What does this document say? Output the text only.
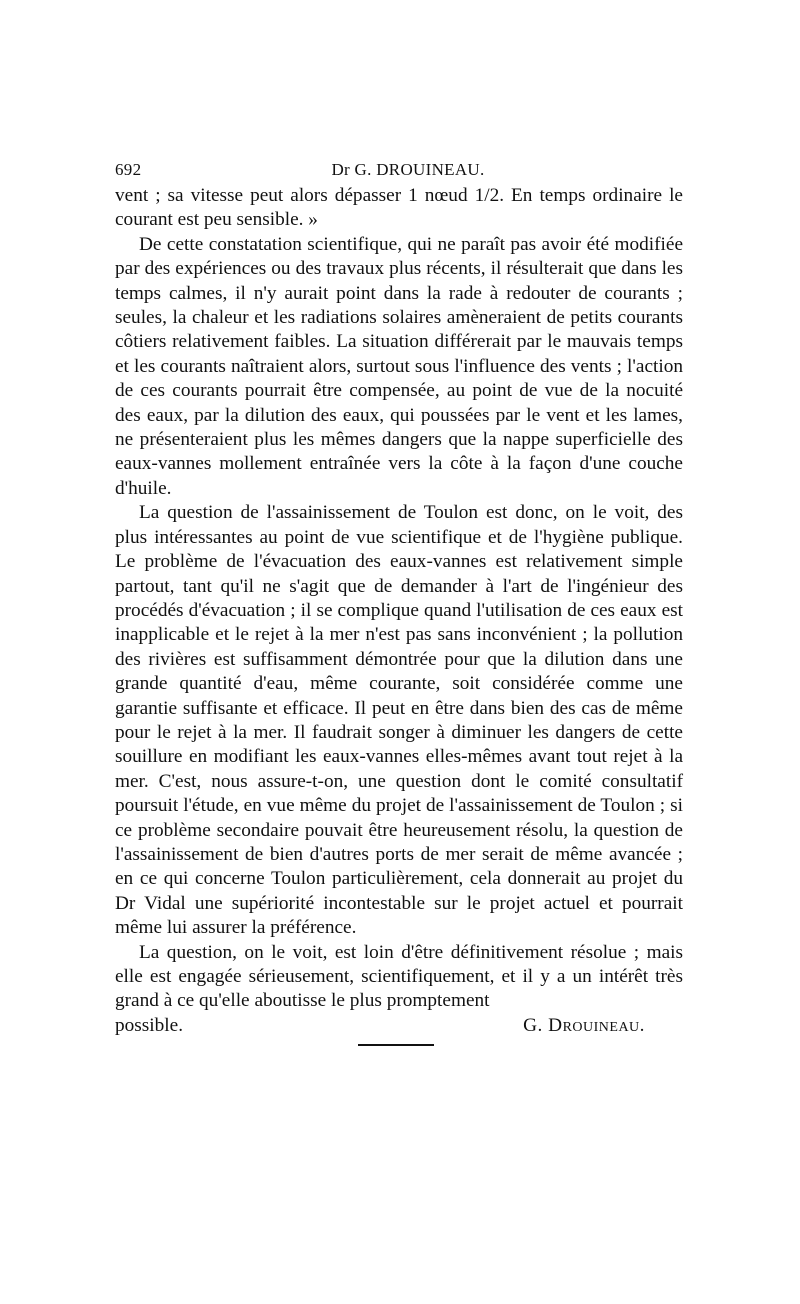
692	Dr G. DROUINEAU.

vent ; sa vitesse peut alors dépasser 1 nœud 1/2. En temps ordinaire le courant est peu sensible. »

De cette constatation scientifique, qui ne paraît pas avoir été modifiée par des expériences ou des travaux plus récents, il résulterait que dans les temps calmes, il n'y aurait point dans la rade à redouter de courants ; seules, la chaleur et les radiations solaires amèneraient de petits courants côtiers relativement faibles. La situation différerait par le mauvais temps et les courants naîtraient alors, surtout sous l'influence des vents ; l'action de ces courants pourrait être compensée, au point de vue de la nocuité des eaux, par la dilution des eaux, qui poussées par le vent et les lames, ne présenteraient plus les mêmes dangers que la nappe superficielle des eaux-vannes mollement entraînée vers la côte à la façon d'une couche d'huile.

La question de l'assainissement de Toulon est donc, on le voit, des plus intéressantes au point de vue scientifique et de l'hygiène publique. Le problème de l'évacuation des eaux-vannes est relativement simple partout, tant qu'il ne s'agit que de demander à l'art de l'ingénieur des procédés d'évacuation ; il se complique quand l'utilisation de ces eaux est inapplicable et le rejet à la mer n'est pas sans inconvénient ; la pollution des rivières est suffisamment démontrée pour que la dilution dans une grande quantité d'eau, même courante, soit considérée comme une garantie suffisante et efficace. Il peut en être dans bien des cas de même pour le rejet à la mer. Il faudrait songer à diminuer les dangers de cette souillure en modifiant les eaux-vannes elles-mêmes avant tout rejet à la mer. C'est, nous assure-t-on, une question dont le comité consultatif poursuit l'étude, en vue même du projet de l'assainissement de Toulon ; si ce problème secondaire pouvait être heureusement résolu, la question de l'assainissement de bien d'autres ports de mer serait de même avancée ; en ce qui concerne Toulon particulièrement, cela donnerait au projet du Dr Vidal une supériorité incontestable sur le projet actuel et pourrait même lui assurer la préférence.

La question, on le voit, est loin d'être définitivement résolue ; mais elle est engagée sérieusement, scientifiquement, et il y a un intérêt très grand à ce qu'elle aboutisse le plus promptement

possible.	G. Drouineau.
